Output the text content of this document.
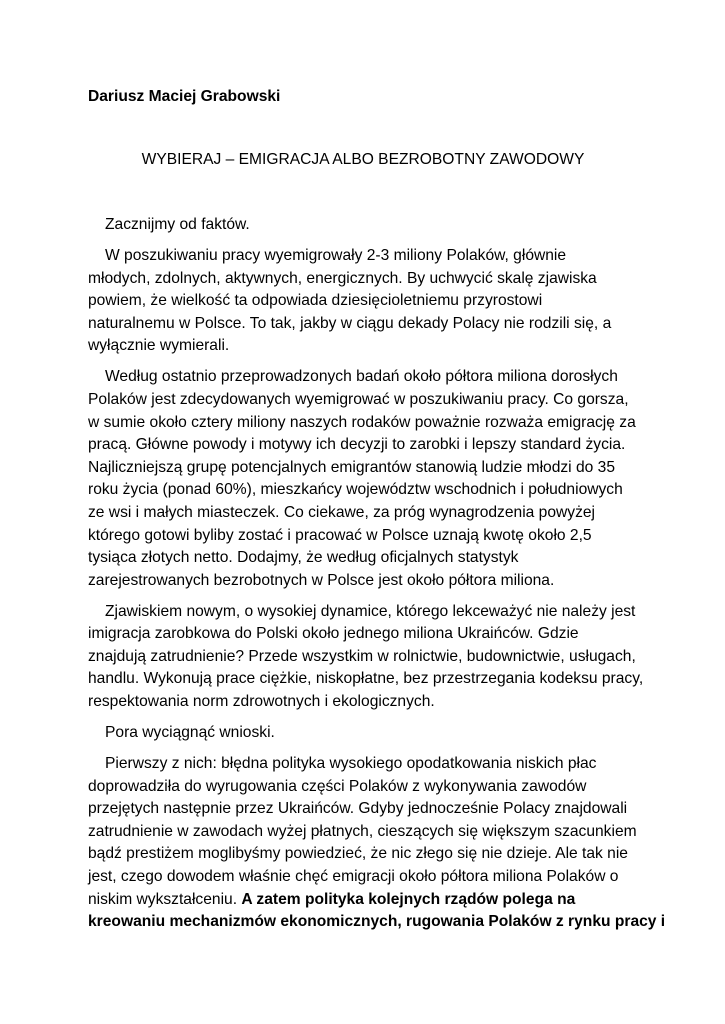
Dariusz Maciej Grabowski
WYBIERAJ – EMIGRACJA ALBO BEZROBOTNY ZAWODOWY

Zacznijmy od faktów.

W poszukiwaniu pracy wyemigrowały 2-3 miliony Polaków, głównie
młodych, zdolnych, aktywnych, energicznych. By uchwycić skalę zjawiska
powiem, że wielkość ta odpowiada dziesięcioletniemu przyrostowi
naturalnemu w Polsce. To tak, jakby w ciągu dekady Polacy nie rodzili się, a
wyłącznie wymierali.

Według ostatnio przeprowadzonych badań około półtora miliona dorosłych
Polaków jest zdecydowanych wyemigrować w poszukiwaniu pracy. Co gorsza,
w sumie około cztery miliony naszych rodaków poważnie rozważa emigrację za
pracą. Główne powody i motywy ich decyzji to zarobki i lepszy standard życia.
Najliczniejszą grupę potencjalnych emigrantów stanowią ludzie młodzi do 35
roku życia (ponad 60%), mieszkańcy województw wschodnich i południowych
ze wsi i małych miasteczek. Co ciekawe, za próg wynagrodzenia powyżej
którego gotowi byliby zostać i pracować w Polsce uznają kwotę około 2,5
tysiąca złotych netto. Dodajmy, że według oficjalnych statystyk
zarejestrowanych bezrobotnych w Polsce jest około półtora miliona.

Zjawiskiem nowym, o wysokiej dynamice, którego lekceważyć nie należy jest
imigracja zarobkowa do Polski około jednego miliona Ukraińców. Gdzie
znajdują zatrudnienie? Przede wszystkim w rolnictwie, budownictwie, usługach,
handlu. Wykonują prace ciężkie, niskopłatne, bez przestrzegania kodeksu pracy,
respektowania norm zdrowotnych i ekologicznych.

Pora wyciągnąć wnioski.

Pierwszy z nich: błędna polityka wysokiego opodatkowania niskich płac
doprowadziła do wyrugowania części Polaków z wykonywania zawodów
przejętych następnie przez Ukraińców. Gdyby jednocześnie Polacy znajdowali
zatrudnienie w zawodach wyżej płatnych, cieszących się większym szacunkiem
bądź prestiżem moglibyśmy powiedzieć, że nic złego się nie dzieje. Ale tak nie
jest, czego dowodem właśnie chęć emigracji około półtora miliona Polaków o
niskim wykształceniu. A zatem polityka kolejnych rządów polega na
kreowaniu mechanizmów ekonomicznych, rugowania Polaków z rynku pracy i
